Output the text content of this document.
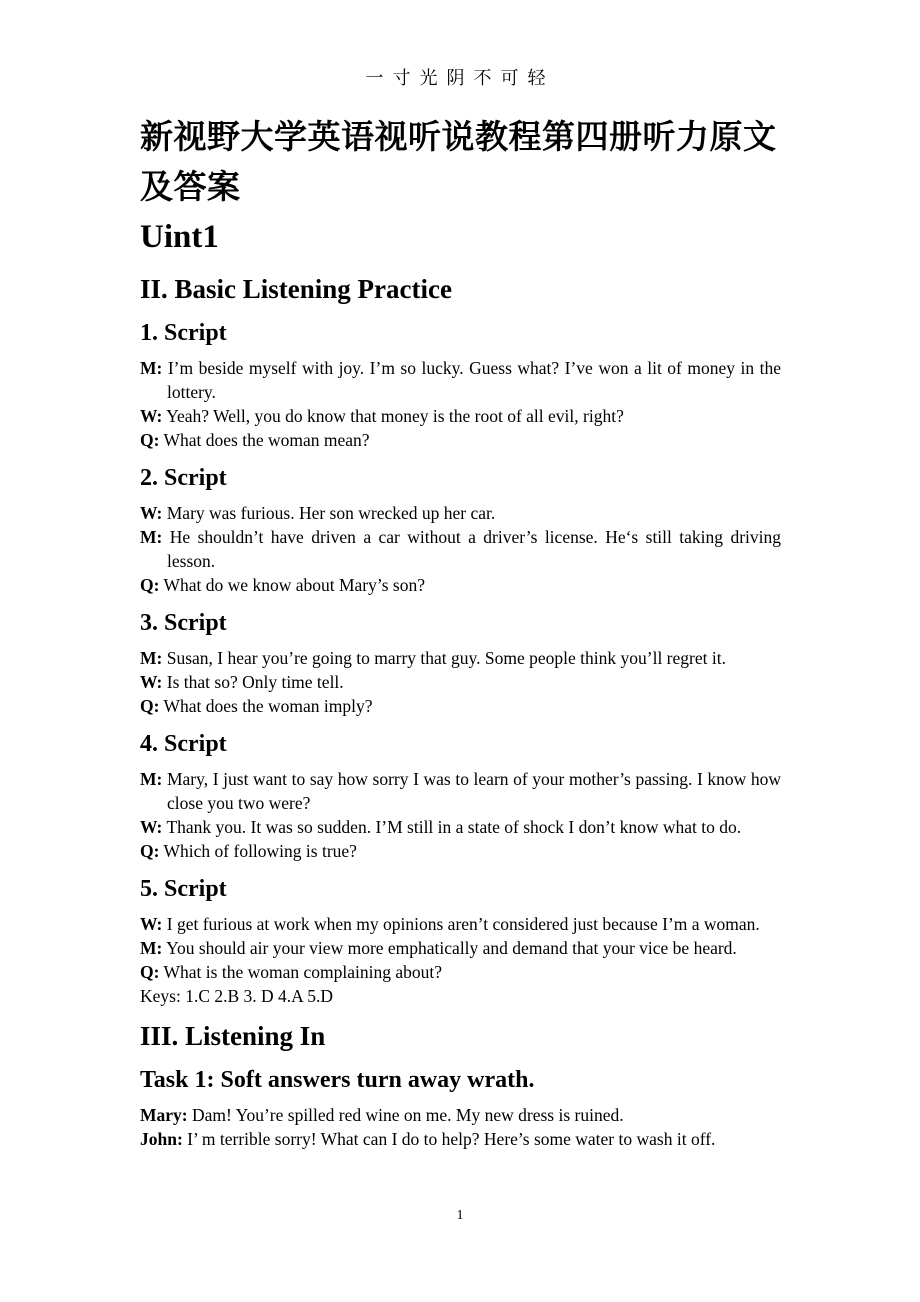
一寸光阴不可轻
新视野大学英语视听说教程第四册听力原文及答案
Uint1
II. Basic Listening Practice
1. Script

M: I’m beside myself with joy. I’m so lucky. Guess what? I’ve won a lit of money in the lottery.

W: Yeah? Well, you do know that money is the root of all evil, right?

Q: What does the woman mean?

2. Script

W: Mary was furious. Her son wrecked up her car.

M: He shouldn’t have driven a car without a driver’s license. He‘s still taking driving lesson.

Q: What do we know about Mary’s son?

3. Script

M: Susan, I hear you’re going to marry that guy. Some people think you’ll regret it.

W: Is that so? Only time tell.

Q: What does the woman imply?

4. Script

M: Mary, I just want to say how sorry I was to learn of your mother’s passing. I know how close you two were?

W: Thank you. It was so sudden. I’M still in a state of shock I don’t know what to do.

Q: Which of following is true?

5. Script

W: I get furious at work when my opinions aren’t considered just because I’m a woman.

M: You should air your view more emphatically and demand that your vice be heard.

Q: What is the woman complaining about?

Keys: 1.C 2.B 3. D 4.A 5.D

III. Listening In
Task 1: Soft answers turn away wrath.

Mary: Dam! You’re spilled red wine on me. My new dress is ruined.

John: I’ m terrible sorry! What can I do to help? Here’s some water to wash it off.

1
